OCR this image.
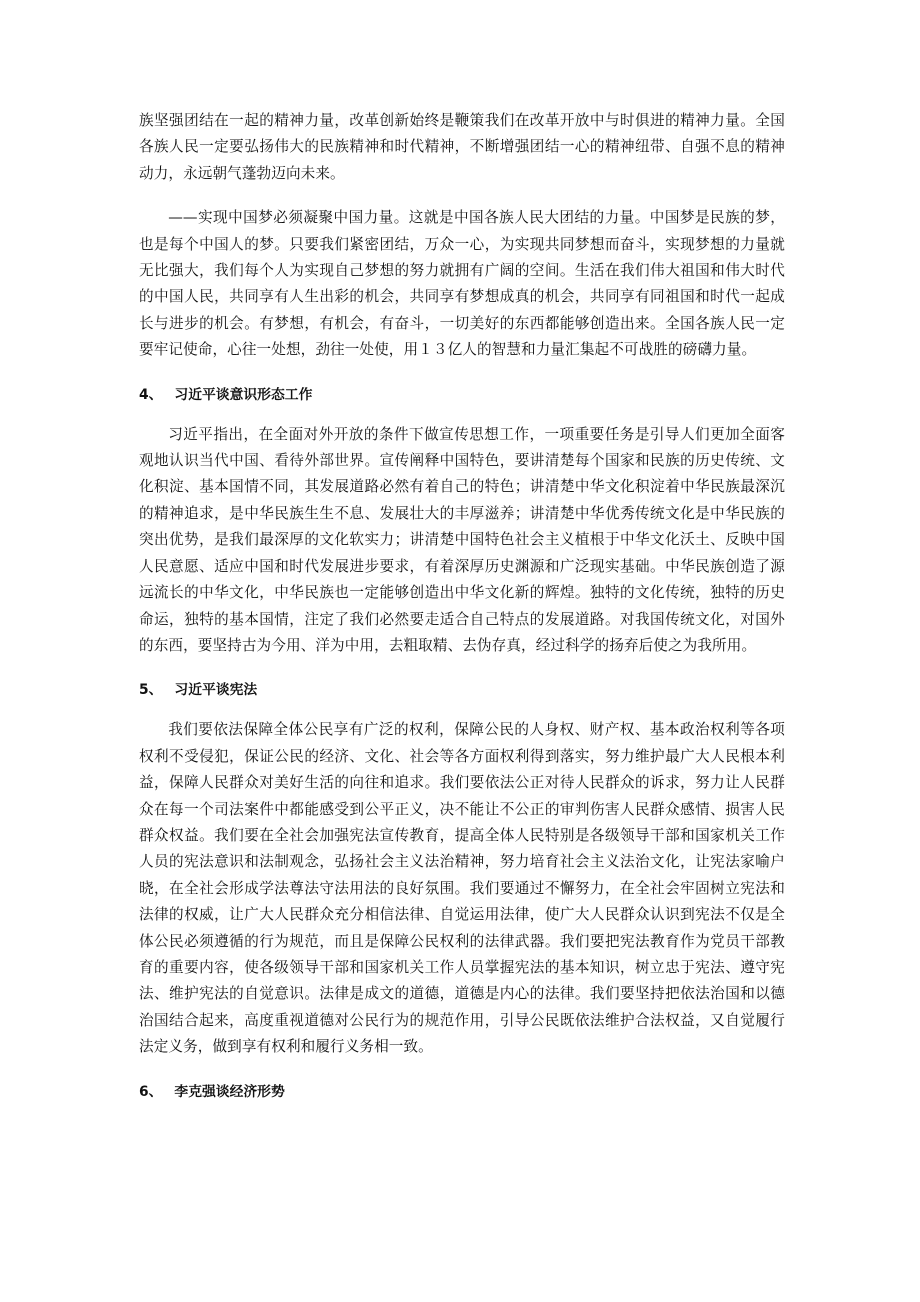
族坚强团结在一起的精神力量，改革创新始终是鞭策我们在改革开放中与时俱进的精神力量。全国各族人民一定要弘扬伟大的民族精神和时代精神，不断增强团结一心的精神纽带、自强不息的精神动力，永远朝气蓬勃迈向未来。

——实现中国梦必须凝聚中国力量。这就是中国各族人民大团结的力量。中国梦是民族的梦，也是每个中国人的梦。只要我们紧密团结，万众一心，为实现共同梦想而奋斗，实现梦想的力量就无比强大，我们每个人为实现自己梦想的努力就拥有广阔的空间。生活在我们伟大祖国和伟大时代的中国人民，共同享有人生出彩的机会，共同享有梦想成真的机会，共同享有同祖国和时代一起成长与进步的机会。有梦想，有机会，有奋斗，一切美好的东西都能够创造出来。全国各族人民一定要牢记使命，心往一处想，劲往一处使，用１３亿人的智慧和力量汇集起不可战胜的磅礴力量。

4、 习近平谈意识形态工作

习近平指出，在全面对外开放的条件下做宣传思想工作，一项重要任务是引导人们更加全面客观地认识当代中国、看待外部世界。宣传阐释中国特色，要讲清楚每个国家和民族的历史传统、文化积淀、基本国情不同，其发展道路必然有着自己的特色；讲清楚中华文化积淀着中华民族最深沉的精神追求，是中华民族生生不息、发展壮大的丰厚滋养；讲清楚中华优秀传统文化是中华民族的突出优势，是我们最深厚的文化软实力；讲清楚中国特色社会主义植根于中华文化沃土、反映中国人民意愿、适应中国和时代发展进步要求，有着深厚历史渊源和广泛现实基础。中华民族创造了源远流长的中华文化，中华民族也一定能够创造出中华文化新的辉煌。独特的文化传统，独特的历史命运，独特的基本国情，注定了我们必然要走适合自己特点的发展道路。对我国传统文化，对国外的东西，要坚持古为今用、洋为中用，去粗取精、去伪存真，经过科学的扬弃后使之为我所用。

5、 习近平谈宪法

我们要依法保障全体公民享有广泛的权利，保障公民的人身权、财产权、基本政治权利等各项权利不受侵犯，保证公民的经济、文化、社会等各方面权利得到落实，努力维护最广大人民根本利益，保障人民群众对美好生活的向往和追求。我们要依法公正对待人民群众的诉求，努力让人民群众在每一个司法案件中都能感受到公平正义，决不能让不公正的审判伤害人民群众感情、损害人民群众权益。我们要在全社会加强宪法宣传教育，提高全体人民特别是各级领导干部和国家机关工作人员的宪法意识和法制观念，弘扬社会主义法治精神，努力培育社会主义法治文化，让宪法家喻户晓，在全社会形成学法尊法守法用法的良好氛围。我们要通过不懈努力，在全社会牢固树立宪法和法律的权威，让广大人民群众充分相信法律、自觉运用法律，使广大人民群众认识到宪法不仅是全体公民必须遵循的行为规范，而且是保障公民权利的法律武器。我们要把宪法教育作为党员干部教育的重要内容，使各级领导干部和国家机关工作人员掌握宪法的基本知识，树立忠于宪法、遵守宪法、维护宪法的自觉意识。法律是成文的道德，道德是内心的法律。我们要坚持把依法治国和以德治国结合起来，高度重视道德对公民行为的规范作用，引导公民既依法维护合法权益，又自觉履行法定义务，做到享有权利和履行义务相一致。

6、 李克强谈经济形势
